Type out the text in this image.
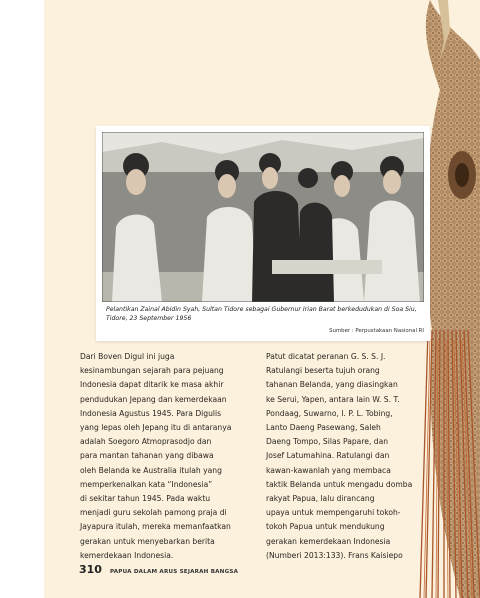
Pelantikan Zainal Abidin Syah, Sultan Tidore sebagai Gubernur Irian Barat berkedudukan di Soa Siu, Tidore, 23 September 1956
Sumber : Perpustakaan Nasional RI
Dari Boven Digul ini juga
kesinambungan sejarah para pejuang
Indonesia dapat ditarik ke masa akhir
pendudukan Jepang dan kemerdekaan
Indonesia Agustus 1945. Para Digulis
yang lepas oleh Jepang itu di antaranya
adalah Soegoro Atmoprasodjo dan
para mantan tahanan yang dibawa
oleh Belanda ke Australia itulah yang
memperkenalkan kata “Indonesia”
di sekitar tahun 1945. Pada waktu
menjadi guru sekolah pamong praja di
Jayapura itulah, mereka memanfaatkan
gerakan untuk menyebarkan berita
kemerdekaan Indonesia.
Patut dicatat peranan G. S. S. J.
Ratulangi beserta tujuh orang
tahanan Belanda, yang diasingkan
ke Serui, Yapen, antara lain W. S. T.
Pondaag, Suwarno, I. P. L. Tobing,
Lanto Daeng Pasewang, Saleh
Daeng Tompo, Silas Papare, dan
Josef Latumahina. Ratulangi dan
kawan-kawanlah yang membaca
taktik Belanda untuk mengadu domba
rakyat Papua, lalu dirancang
upaya untuk mempengaruhi tokoh-
tokoh Papua untuk mendukung
gerakan kemerdekaan Indonesia
(Numberi 2013:133). Frans Kaisiepo
310 PAPUA DALAM ARUS SEJARAH BANGSA
